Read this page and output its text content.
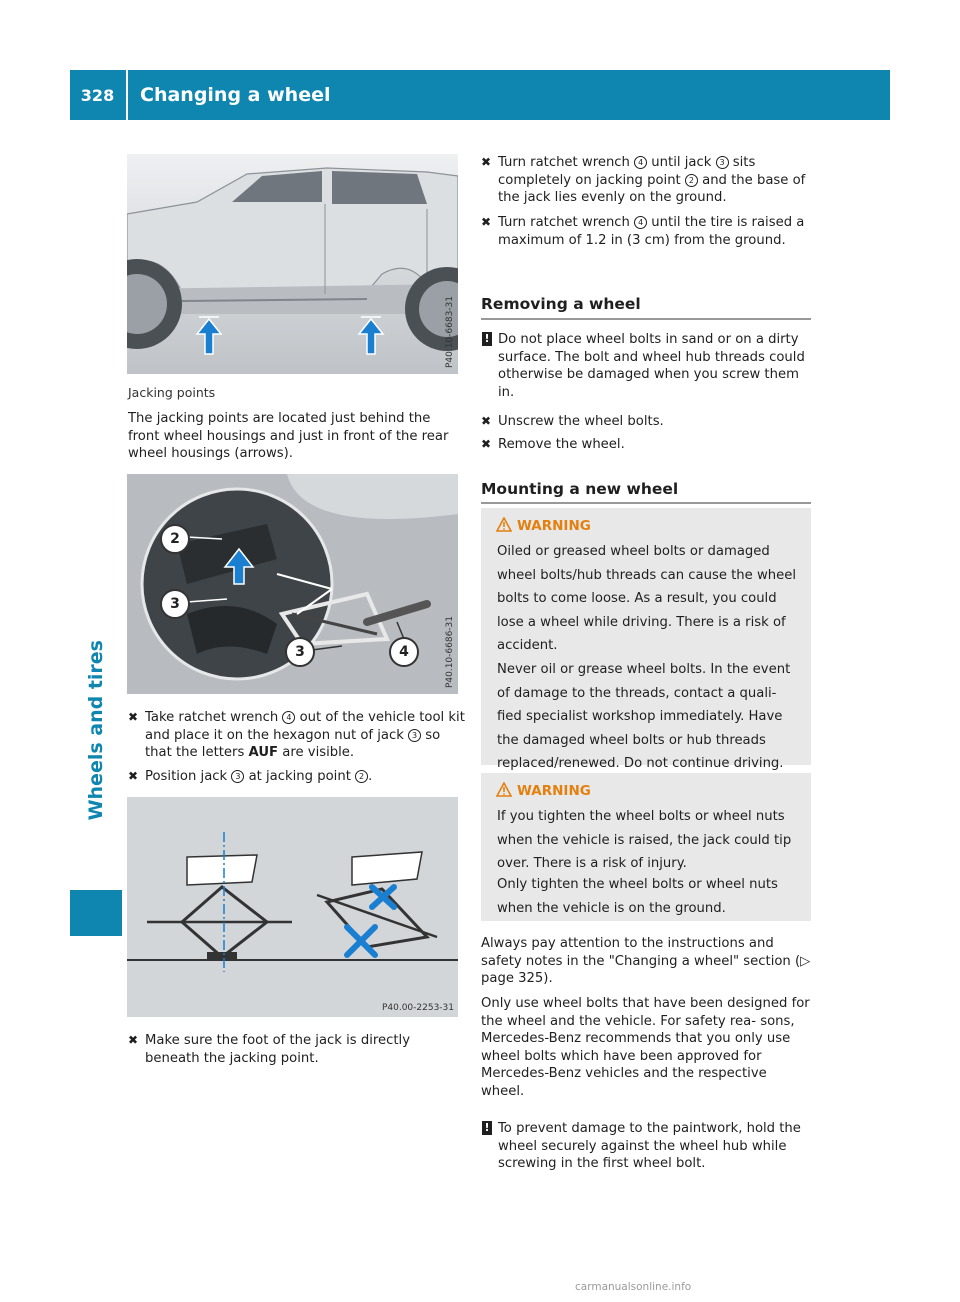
328	Changing a wheel
Wheels and tires
P40.10-6683-31
Jacking points
The jacking points are located just behind the front wheel housings and just in front of the rear wheel housings (arrows).
2
3
3	4	P40.10-6686-31
✖ Take ratchet wrench 4 out of the vehicle tool kit and place it on the hexagon nut of jack 3 so that the letters AUF are visible.
✖ Position jack 3 at jacking point 2 .
P40.00-2253-31
✖ Make sure the foot of the jack is directly beneath the jacking point.
✖ Turn ratchet wrench 4 until jack 3 sits completely on jacking point 2 and the base of the jack lies evenly on the ground.
✖ Turn ratchet wrench 4 until the tire is raised a maximum of 1.2 in (3 cm) from the ground.
Removing a wheel
! Do not place wheel bolts in sand or on a dirty surface. The bolt and wheel hub threads could otherwise be damaged when you screw them in.
✖ Unscrew the wheel bolts.
✖ Remove the wheel.
Mounting a new wheel
WARNING
Oiled or greased wheel bolts or damaged wheel bolts/hub threads can cause the wheel bolts to come loose. As a result, you could lose a wheel while driving. There is a risk of accident.
Never oil or grease wheel bolts. In the event of damage to the threads, contact a quali- fied specialist workshop immediately. Have the damaged wheel bolts or hub threads replaced/renewed. Do not continue driving.
WARNING
If you tighten the wheel bolts or wheel nuts when the vehicle is raised, the jack could tip over. There is a risk of injury.
Only tighten the wheel bolts or wheel nuts when the vehicle is on the ground.
Always pay attention to the instructions and safety notes in the "Changing a wheel" section (▷ page 325).
Only use wheel bolts that have been designed for the wheel and the vehicle. For safety rea- sons, Mercedes-Benz recommends that you only use wheel bolts which have been approved for Mercedes-Benz vehicles and the respective wheel.
! To prevent damage to the paintwork, hold the wheel securely against the wheel hub while screwing in the first wheel bolt.
carmanualsonline.info
